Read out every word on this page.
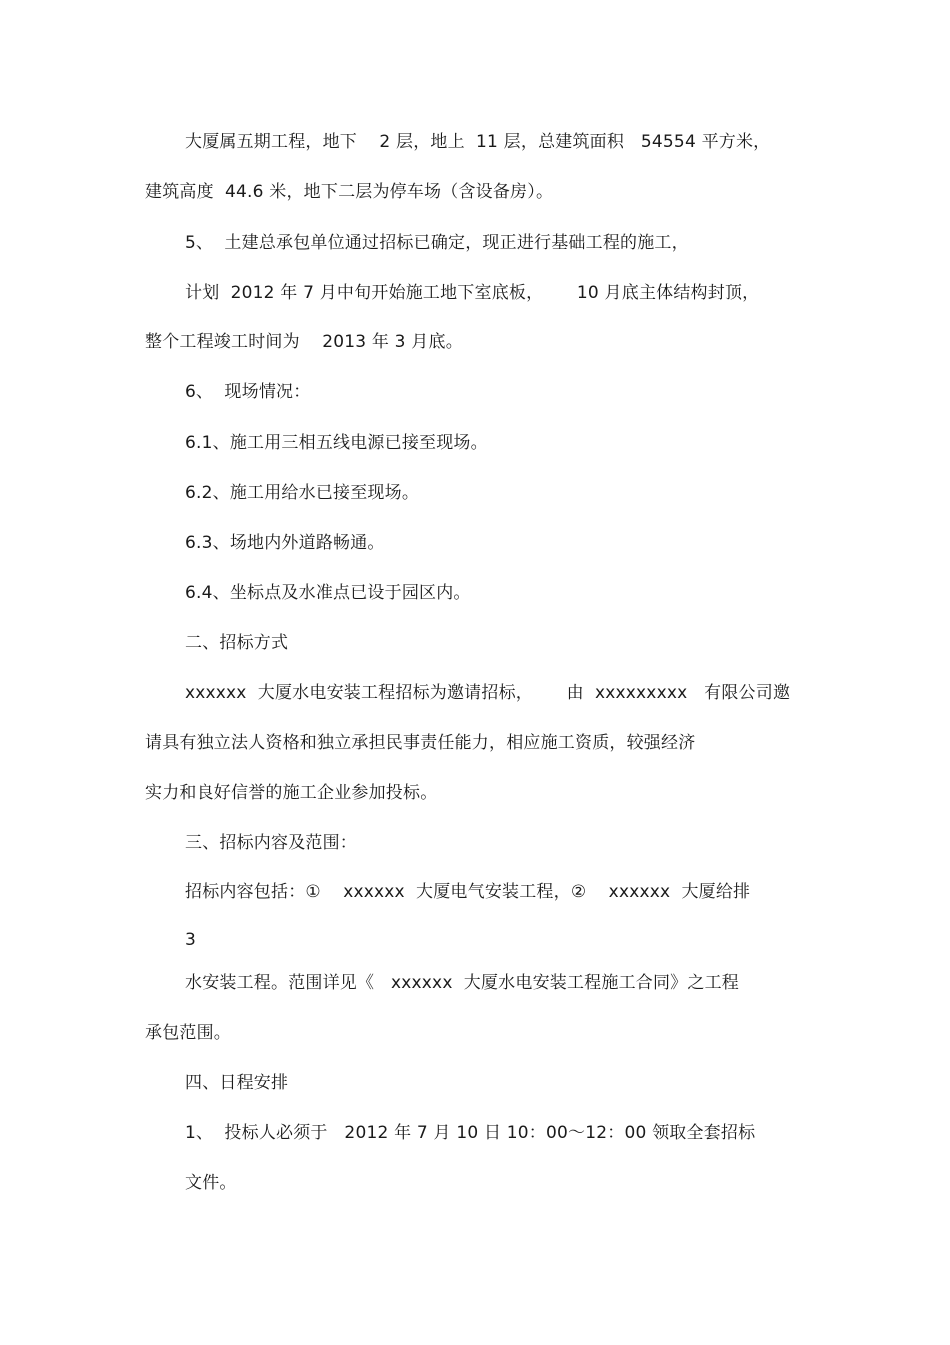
大厦属五期工程，地下    2 层，地上  11 层，总建筑面积   54554 平方米，
建筑高度  44.6 米，地下二层为停车场（含设备房）。
5、  土建总承包单位通过招标已确定，现正进行基础工程的施工，
计划  2012 年 7 月中旬开始施工地下室底板，      10 月底主体结构封顶，
整个工程竣工时间为    2013 年 3 月底。
6、  现场情况：
6.1、施工用三相五线电源已接至现场。
6.2、施工用给水已接至现场。
6.3、场地内外道路畅通。
6.4、坐标点及水准点已设于园区内。
二、招标方式
xxxxxx  大厦水电安装工程招标为邀请招标，      由  xxxxxxxxx   有限公司邀
请具有独立法人资格和独立承担民事责任能力，相应施工资质，较强经济
实力和良好信誉的施工企业参加投标。
三、招标内容及范围：
招标内容包括：①    xxxxxx  大厦电气安装工程，②    xxxxxx  大厦给排
3
水安装工程。范围详见《   xxxxxx  大厦水电安装工程施工合同》之工程
承包范围。
四、日程安排
1、  投标人必须于   2012 年 7 月 10 日 10：00～12：00 领取全套招标
文件。
